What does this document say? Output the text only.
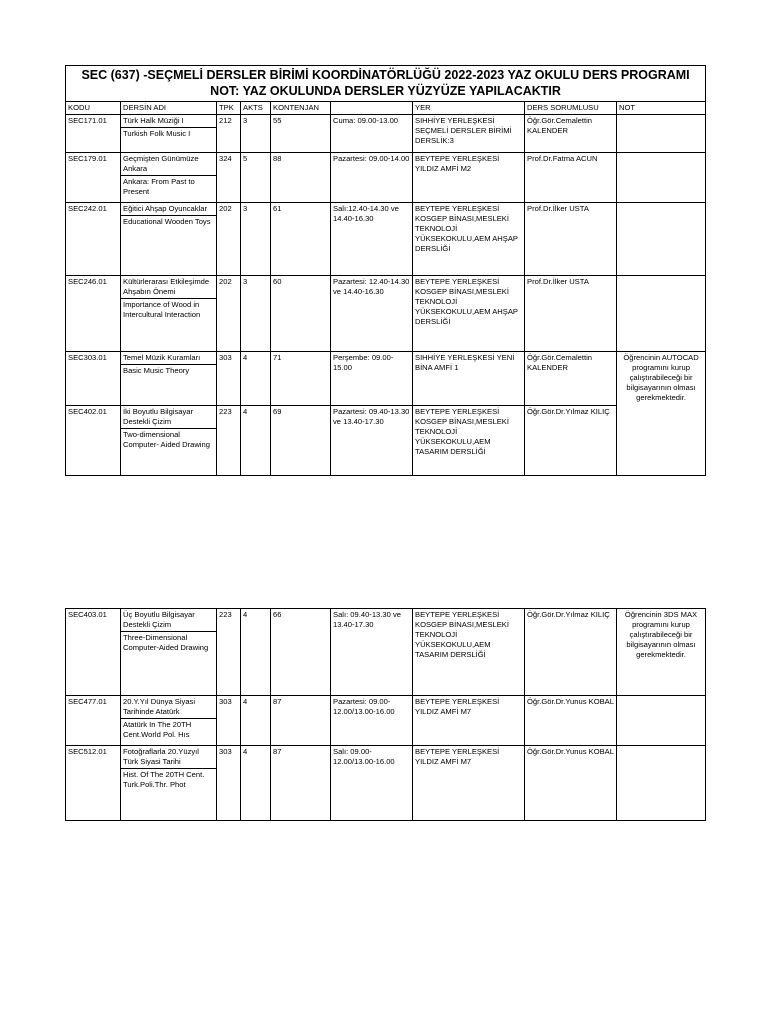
SEC (637) -SEÇMELİ DERSLER BİRİMİ KOORDİNATÖRLÜĞÜ 2022-2023 YAZ OKULU DERS PROGRAMI
NOT: YAZ OKULUNDA DERSLER YÜZYÜZE YAPILACAKTIR								

KODU	DERSİN ADI	TPK	AKTS	KONTENJAN		YER	DERS SORUMLUSU	NOT
SEC171.01	Türk Halk Müziği I
Turkish Folk Music I	212	3	55	Cuma: 09.00-13.00	SIHHİYE YERLEŞKESİ SEÇMELİ DERSLER BİRİMİ DERSLİK:3	Öğr.Gör.Cemalettin KALENDER	
SEC179.01	Geçmişten Günümüze Ankara
Ankara: From Past to Present	324	5	88	Pazartesi: 09.00-14.00	BEYTEPE YERLEŞKESİ YILDIZ AMFİ M2	Prof.Dr.Fatma ACUN	
SEC242.01	Eğitici Ahşap Oyuncaklar
Educational Wooden Toys	202	3	61	Salı:12.40-14.30 ve 14.40-16.30	BEYTEPE YERLEŞKESİ KOSGEP BİNASI,MESLEKİ TEKNOLOJİ YÜKSEKOKULU,AEM AHŞAP DERSLİĞİ	Prof.Dr.İlker USTA	
SEC246.01	Kültürlerarası Etkileşimde Ahşabın Önemi
Importance of Wood in Intercultural Interaction	202	3	60	Pazartesi: 12.40-14.30 ve 14.40-16.30	BEYTEPE YERLEŞKESİ KOSGEP BİNASI,MESLEKİ TEKNOLOJİ YÜKSEKOKULU,AEM AHŞAP DERSLİĞİ	Prof.Dr.İlker USTA	
SEC303.01	Temel Müzik Kuramları
Basic Music Theory	303	4	71	Perşembe: 09.00-15.00	SIHHİYE YERLEŞKESİ YENİ BİNA AMFİ 1	Öğr.Gör.Cemalettin KALENDER	Öğrencinin AUTOCAD programını kurup çalıştırabileceği bir bilgisayarının olması gerekmektedir.
SEC402.01	İki Boyutlu Bilgisayar Destekli Çizim
Two-dimensional Computer- Aided Drawing	223	4	69	Pazartesi: 09.40-13.30 ve 13.40-17.30	BEYTEPE YERLEŞKESİ KOSGEP BİNASI,MESLEKİ TEKNOLOJİ YÜKSEKOKULU,AEM TASARIM DERSLİĞİ	Öğr.Gör.Dr.Yılmaz KILIÇ	
SEC403.01	Üç Boyutlu Bilgisayar Destekli Çizim
Three-Dimensional Computer-Aided Drawing	223	4	66	Salı: 09.40-13.30 ve 13.40-17.30	BEYTEPE YERLEŞKESİ KOSGEP BİNASI,MESLEKİ TEKNOLOJİ YÜKSEKOKULU,AEM TASARIM DERSLİĞİ	Öğr.Gör.Dr.Yılmaz KILIÇ	Öğrencinin 3DS MAX programını kurup çalıştırabileceği bir bilgisayarının olması gerekmektedir.
SEC477.01	20.Y.Yıl Dünya Siyasi Tarihinde Atatürk
Atatürk In The 20TH Cent.World Pol. Hıs	303	4	87	Pazartesi: 09.00-12.00/13.00-16.00	BEYTEPE YERLEŞKESİ YILDIZ AMFİ M7	Öğr.Gör.Dr.Yunus KOBAL	
SEC512.01	Fotoğraflarla 20.Yüzyıl Türk Siyasi Tarihi
Hist. Of The 20TH Cent. Turk.Poli.Thr. Phot	303	4	87	Salı: 09.00-12.00/13.00-16.00	BEYTEPE YERLEŞKESİ YILDIZ AMFİ M7	Öğr.Gör.Dr.Yunus KOBAL	
